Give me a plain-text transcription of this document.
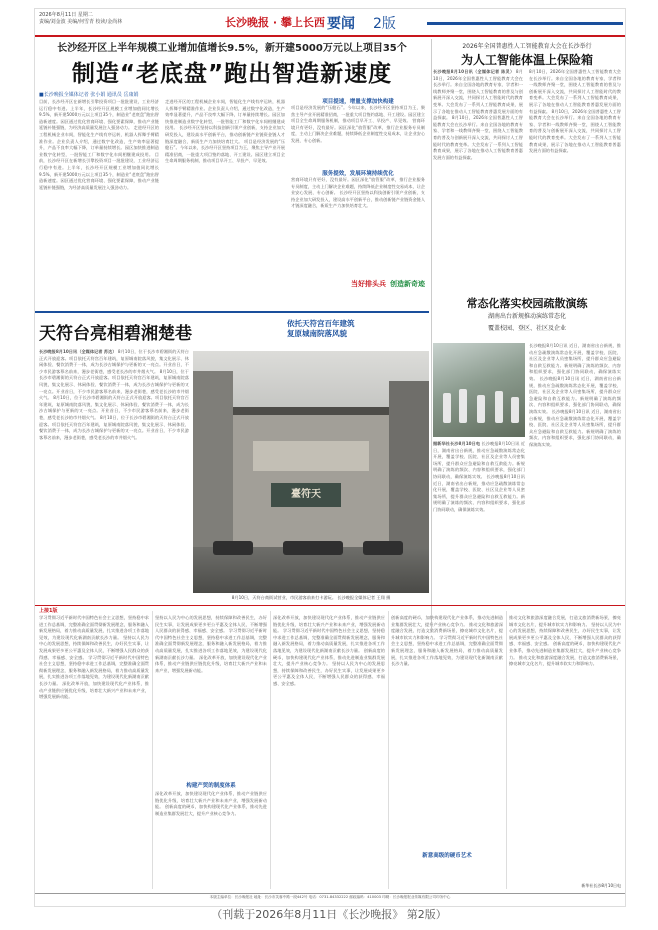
2026年8月11日 星期二
责编/刘金波 美编/何雪青 校读/金尚林	长沙晚报 · 攀上长西 要闻 2版
长沙经开区上半年规模工业增加值增长9.5%，新开建5000万元以上项目35个
制造“老底盘”跑出智造新速度
■长沙晚报全媒体记者 张小娟 通讯员 岳康娟
目前，长沙经开区在新增长引擎投资项目一批批建设，工业经济运行稳中有进。上半年，长沙经开区规模工业增加值同比增长9.5%，新开建5000万元以上项目35个，制造业“老底盘”跑出智造新速度。园区通过优化营商环境、强化要素保障，推动产业链延链补链强链，为经济高质量发展注入强劲动力。 走进经开区的工程机械企业车间，智能化生产线有序运转，机器人挥舞手臂精准作业。企业负责人介绍，通过数字化改造，生产效率显著提升，产品不良率大幅下降，订单量持续增长。园区加快推进制造业数字化转型，一批智能工厂和数字化车间相继建成投用。 目前，长沙经开区在新增长引擎投资项目一批批建设，工业经济运行稳中有进。上半年，长沙经开区规模工业增加值同比增长9.5%，新开建5000万元以上项目35个，制造业“老底盘”跑出智造新速度。园区通过优化营商环境、强化要素保障，推动产业链延链补链强链，为经济高质量发展注入强劲动力。
走进经开区的工程机械企业车间，智能化生产线有序运转，机器人挥舞手臂精准作业。企业负责人介绍，通过数字化改造，生产效率显著提升，产品不良率大幅下降，订单量持续增长。园区加快推进制造业数字化转型，一批智能工厂和数字化车间相继建成投用。 长沙经开区坚持以科技创新引领产业创新，支持企业加大研发投入，建设高水平创新平台，推动创新链产业链资金链人才链深度融合，新质生产力加快培育壮大。 项目是经济发展的“压舱石”。今年以来，长沙经开区坚持项目为王，聚焦主导产业开展精准招商，一批重大项目签约落地、开工建设。园区建立项目全生命周期服务机制，推动项目早开工、早投产、早见效。
项目提速，增量支撑加快构建
项目是经济发展的“压舱石”。今年以来，长沙经开区坚持项目为王，聚焦主导产业开展精准招商，一批重大项目签约落地、开工建设。园区建立项目全生命周期服务机制，推动项目早开工、早投产、早见效。 营商环境只有更好，没有最好。园区深化“放管服”改革，推行企业服务专员制度，主动上门解决企业难题，持续降低企业制度性交易成本，让企业安心发展、专心创新。
服务提效，发展环境持续优化
营商环境只有更好，没有最好。园区深化“放管服”改革，推行企业服务专员制度，主动上门解决企业难题，持续降低企业制度性交易成本，让企业安心发展、专心创新。 长沙经开区坚持以科技创新引领产业创新，支持企业加大研发投入，建设高水平创新平台，推动创新链产业链资金链人才链深度融合，新质生产力加快培育壮大。
当好排头兵 创造新奇迹
2026年全国普惠性人工智能教育大会在长沙举行
为人工智能体温上保险箱
长沙晚报8月10日讯（全媒体记者 陈灵） 8月10日，2026年全国普惠性人工智能教育大会在长沙举行。来自全国各地的教育专家、学者和一线教师齐聚一堂，围绕人工智能教育的普及与创新展开深入交流，共同探讨人工智能时代的教育变革。大会发布了一系列人工智能教育成果，展示了各地在推动人工智能教育普惠发展方面的有益探索。 8月10日，2026年全国普惠性人工智能教育大会在长沙举行。来自全国各地的教育专家、学者和一线教师齐聚一堂，围绕人工智能教育的普及与创新展开深入交流，共同探讨人工智能时代的教育变革。大会发布了一系列人工智能教育成果，展示了各地在推动人工智能教育普惠发展方面的有益探索。
8月10日，2026年全国普惠性人工智能教育大会在长沙举行。来自全国各地的教育专家、学者和一线教师齐聚一堂，围绕人工智能教育的普及与创新展开深入交流，共同探讨人工智能时代的教育变革。大会发布了一系列人工智能教育成果，展示了各地在推动人工智能教育普惠发展方面的有益探索。 8月10日，2026年全国普惠性人工智能教育大会在长沙举行。来自全国各地的教育专家、学者和一线教师齐聚一堂，围绕人工智能教育的普及与创新展开深入交流，共同探讨人工智能时代的教育变革。大会发布了一系列人工智能教育成果，展示了各地在推动人工智能教育普惠发展方面的有益探索。
常态化落实校园疏散演练
湖南出台新规推动演练常态化
覆盖校园、登区、社区及企业
长沙晚报8月10日讯 近日，湖南省出台新规，推动应急疏散演练常态化开展，覆盖学校、医院、社区及企业等人员密集场所，提升群众应急避险和自救互救能力。新规明确了演练的频次、内容和组织要求，强化部门协同联动，确保演练实效。 长沙晚报8月10日讯 近日，湖南省出台新规，推动应急疏散演练常态化开展，覆盖学校、医院、社区及企业等人员密集场所，提升群众应急避险和自救互救能力。新规明确了演练的频次、内容和组织要求，强化部门协同联动，确保演练实效。 长沙晚报8月10日讯 近日，湖南省出台新规，推动应急疏散演练常态化开展，覆盖学校、医院、社区及企业等人员密集场所，提升群众应急避险和自救互救能力。新规明确了演练的频次、内容和组织要求，强化部门协同联动，确保演练实效。
据新华社长沙8月10日电 长沙晚报8月10日讯 近日，湖南省出台新规，推动应急疏散演练常态化开展，覆盖学校、医院、社区及企业等人员密集场所，提升群众应急避险和自救互救能力。新规明确了演练的频次、内容和组织要求，强化部门协同联动，确保演练实效。 长沙晚报8月10日讯 近日，湖南省出台新规，推动应急疏散演练常态化开展，覆盖学校、医院、社区及企业等人员密集场所，提升群众应急避险和自救互救能力。新规明确了演练的频次、内容和组织要求，强化部门协同联动，确保演练实效。
天符台亮相碧湘楚巷
依托天符宫百年建筑
复原城南院落风貌
长沙晚报8月10日讯（全媒体记者 苏达） 8月10日，位于长沙市碧湘街的天符台正式开放迎客。项目依托天符宫百年建筑，复原城南院落风貌，集文化展示、休闲体验、餐饮消费于一体，成为长沙古城保护与更新的又一亮点。开业首日，不少市民游客慕名前来，漫步老街巷，感受老长沙的市井烟火气。 8月10日，位于长沙市碧湘街的天符台正式开放迎客。项目依托天符宫百年建筑，复原城南院落风貌，集文化展示、休闲体验、餐饮消费于一体，成为长沙古城保护与更新的又一亮点。开业首日，不少市民游客慕名前来，漫步老街巷，感受老长沙的市井烟火气。 8月10日，位于长沙市碧湘街的天符台正式开放迎客。项目依托天符宫百年建筑，复原城南院落风貌，集文化展示、休闲体验、餐饮消费于一体，成为长沙古城保护与更新的又一亮点。开业首日，不少市民游客慕名前来，漫步老街巷，感受老长沙的市井烟火气。 8月10日，位于长沙市碧湘街的天符台正式开放迎客。项目依托天符宫百年建筑，复原城南院落风貌，集文化展示、休闲体验、餐饮消费于一体，成为长沙古城保护与更新的又一亮点。开业首日，不少市民游客慕名前来，漫步老街巷，感受老长沙的市井烟火气。
臺符天
8月10日，天符台商街试营业，市民游客前来打卡游玩。 长沙晚报全媒体记者 王翔 摄
上接1版
学习贯彻习近平新时代中国特色社会主义思想，坚持稳中求进工作总基调，完整准确全面贯彻新发展理念，服务和融入新发展格局，着力推动高质量发展，扎实推进各项工作落地见效，为建设现代化新湖南贡献长沙力量。 坚持以人民为中心的发展思想，持续保障和改善民生，办好民生实事，让发展成果更多更公平惠及全体人民，不断增强人民群众的获得感、幸福感、安全感。 学习贯彻习近平新时代中国特色社会主义思想，坚持稳中求进工作总基调，完整准确全面贯彻新发展理念，服务和融入新发展格局，着力推动高质量发展，扎实推进各项工作落地见效，为建设现代化新湖南贡献长沙力量。 深化改革开放，加快建设现代化产业体系，推动产业链供应链优化升级，培育壮大新兴产业和未来产业，增强发展新动能。
坚持以人民为中心的发展思想，持续保障和改善民生，办好民生实事，让发展成果更多更公平惠及全体人民，不断增强人民群众的获得感、幸福感、安全感。 学习贯彻习近平新时代中国特色社会主义思想，坚持稳中求进工作总基调，完整准确全面贯彻新发展理念，服务和融入新发展格局，着力推动高质量发展，扎实推进各项工作落地见效，为建设现代化新湖南贡献长沙力量。 深化改革开放，加快建设现代化产业体系，推动产业链供应链优化升级，培育壮大新兴产业和未来产业，增强发展新动能。
构建产贸的制度体系
深化改革开放，加快建设现代化产业体系，推动产业链供应链优化升级，培育壮大新兴产业和未来产业，增强发展新动能。 创新高度的硬币，加快构建现代化产业体系，推动先进制造业集群发展壮大，提升产业核心竞争力。
深化改革开放，加快建设现代化产业体系，推动产业链供应链优化升级，培育壮大新兴产业和未来产业，增强发展新动能。 学习贯彻习近平新时代中国特色社会主义思想，坚持稳中求进工作总基调，完整准确全面贯彻新发展理念，服务和融入新发展格局，着力推动高质量发展，扎实推进各项工作落地见效，为建设现代化新湖南贡献长沙力量。 创新高度的硬币，加快构建现代化产业体系，推动先进制造业集群发展壮大，提升产业核心竞争力。 坚持以人民为中心的发展思想，持续保障和改善民生，办好民生实事，让发展成果更多更公平惠及全体人民，不断增强人民群众的获得感、幸福感、安全感。
创新高度的硬币，加快构建现代化产业体系，推动先进制造业集群发展壮大，提升产业核心竞争力。 推动文化和旅游深度融合发展，打造文旅消费新场景，擦亮城市文化名片，提升城市软实力和影响力。 学习贯彻习近平新时代中国特色社会主义思想，坚持稳中求进工作总基调，完整准确全面贯彻新发展理念，服务和融入新发展格局，着力推动高质量发展，扎实推进各项工作落地见效，为建设现代化新湖南贡献长沙力量。
新意高级的硬币艺术
推动文化和旅游深度融合发展，打造文旅消费新场景，擦亮城市文化名片，提升城市软实力和影响力。 坚持以人民为中心的发展思想，持续保障和改善民生，办好民生实事，让发展成果更多更公平惠及全体人民，不断增强人民群众的获得感、幸福感、安全感。 创新高度的硬币，加快构建现代化产业体系，推动先进制造业集群发展壮大，提升产业核心竞争力。 推动文化和旅游深度融合发展，打造文旅消费新场景，擦亮城市文化名片，提升城市软实力和影响力。
新华社长沙8月10日电
本版主编单位：长沙晚报社 地址：长沙市芙蓉中路一段442号 电话：0731-84332222 邮政编码：410003 印刷：长沙晚报报业传媒有限公司印务中心
（刊载于2026年8月11日《长沙晚报》 第2版）
